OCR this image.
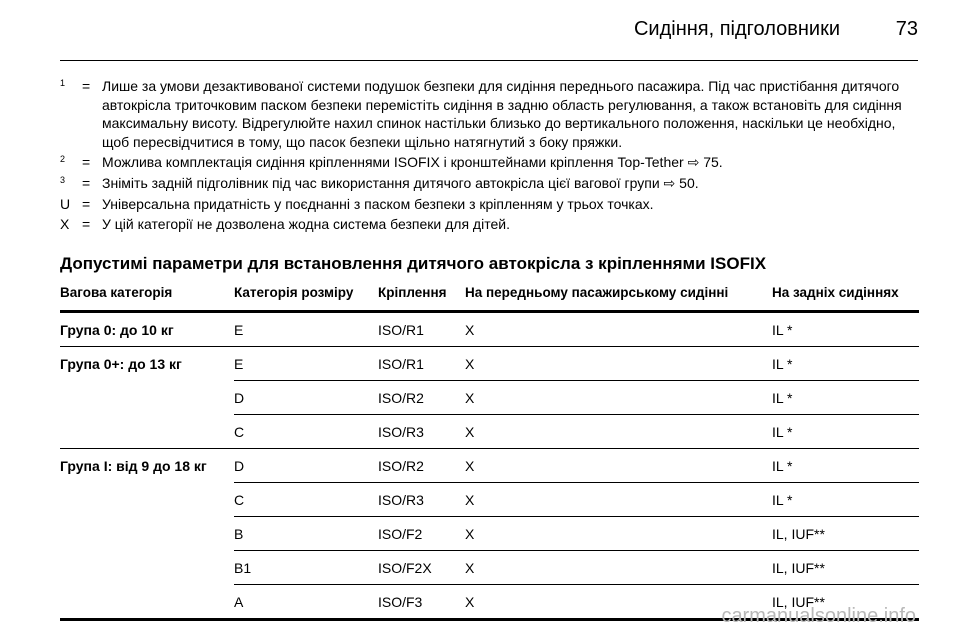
Сидіння, підголовники	73
1	= Лише за умови дезактивованої системи подушок безпеки для сидіння переднього пасажира. Під час пристібання дитячого автокрісла триточковим паском безпеки перемістіть сидіння в задню область регулювання, а також встановіть для сидіння максимальну висоту. Відрегулюйте нахил спинок настільки близько до вертикального положення, наскільки це необхідно, щоб пересвідчитися в тому, що пасок безпеки щільно натягнутий з боку пряжки.
2	= Можлива комплектація сидіння кріпленнями ISOFIX і кронштейнами кріплення Top-Tether ⇨ 75.
3	= Зніміть задній підголівник під час використання дитячого автокрісла цієї вагової групи ⇨ 50.
U = Універсальна придатність у поєднанні з паском безпеки з кріпленням у трьох точках.
X = У цій категорії не дозволена жодна система безпеки для дітей.
Допустимі параметри для встановлення дитячого автокрісла з кріпленнями ISOFIX
Вагова категорія	Категорія розміру	Кріплення	На передньому пасажирському сидінні	На задніх сидіннях
Група 0: до 10 кг	E	ISO/R1	X	IL *
Група 0+: до 13 кг	E	ISO/R1	X	IL *
	D	ISO/R2	X	IL *
	C	ISO/R3	X	IL *
Група I: від 9 до 18 кг	D	ISO/R2	X	IL *
	C	ISO/R3	X	IL *
	B	ISO/F2	X	IL, IUF**
	B1	ISO/F2X	X	IL, IUF**
	A	ISO/F3	X	IL, IUF**
carmanualsonline.info
